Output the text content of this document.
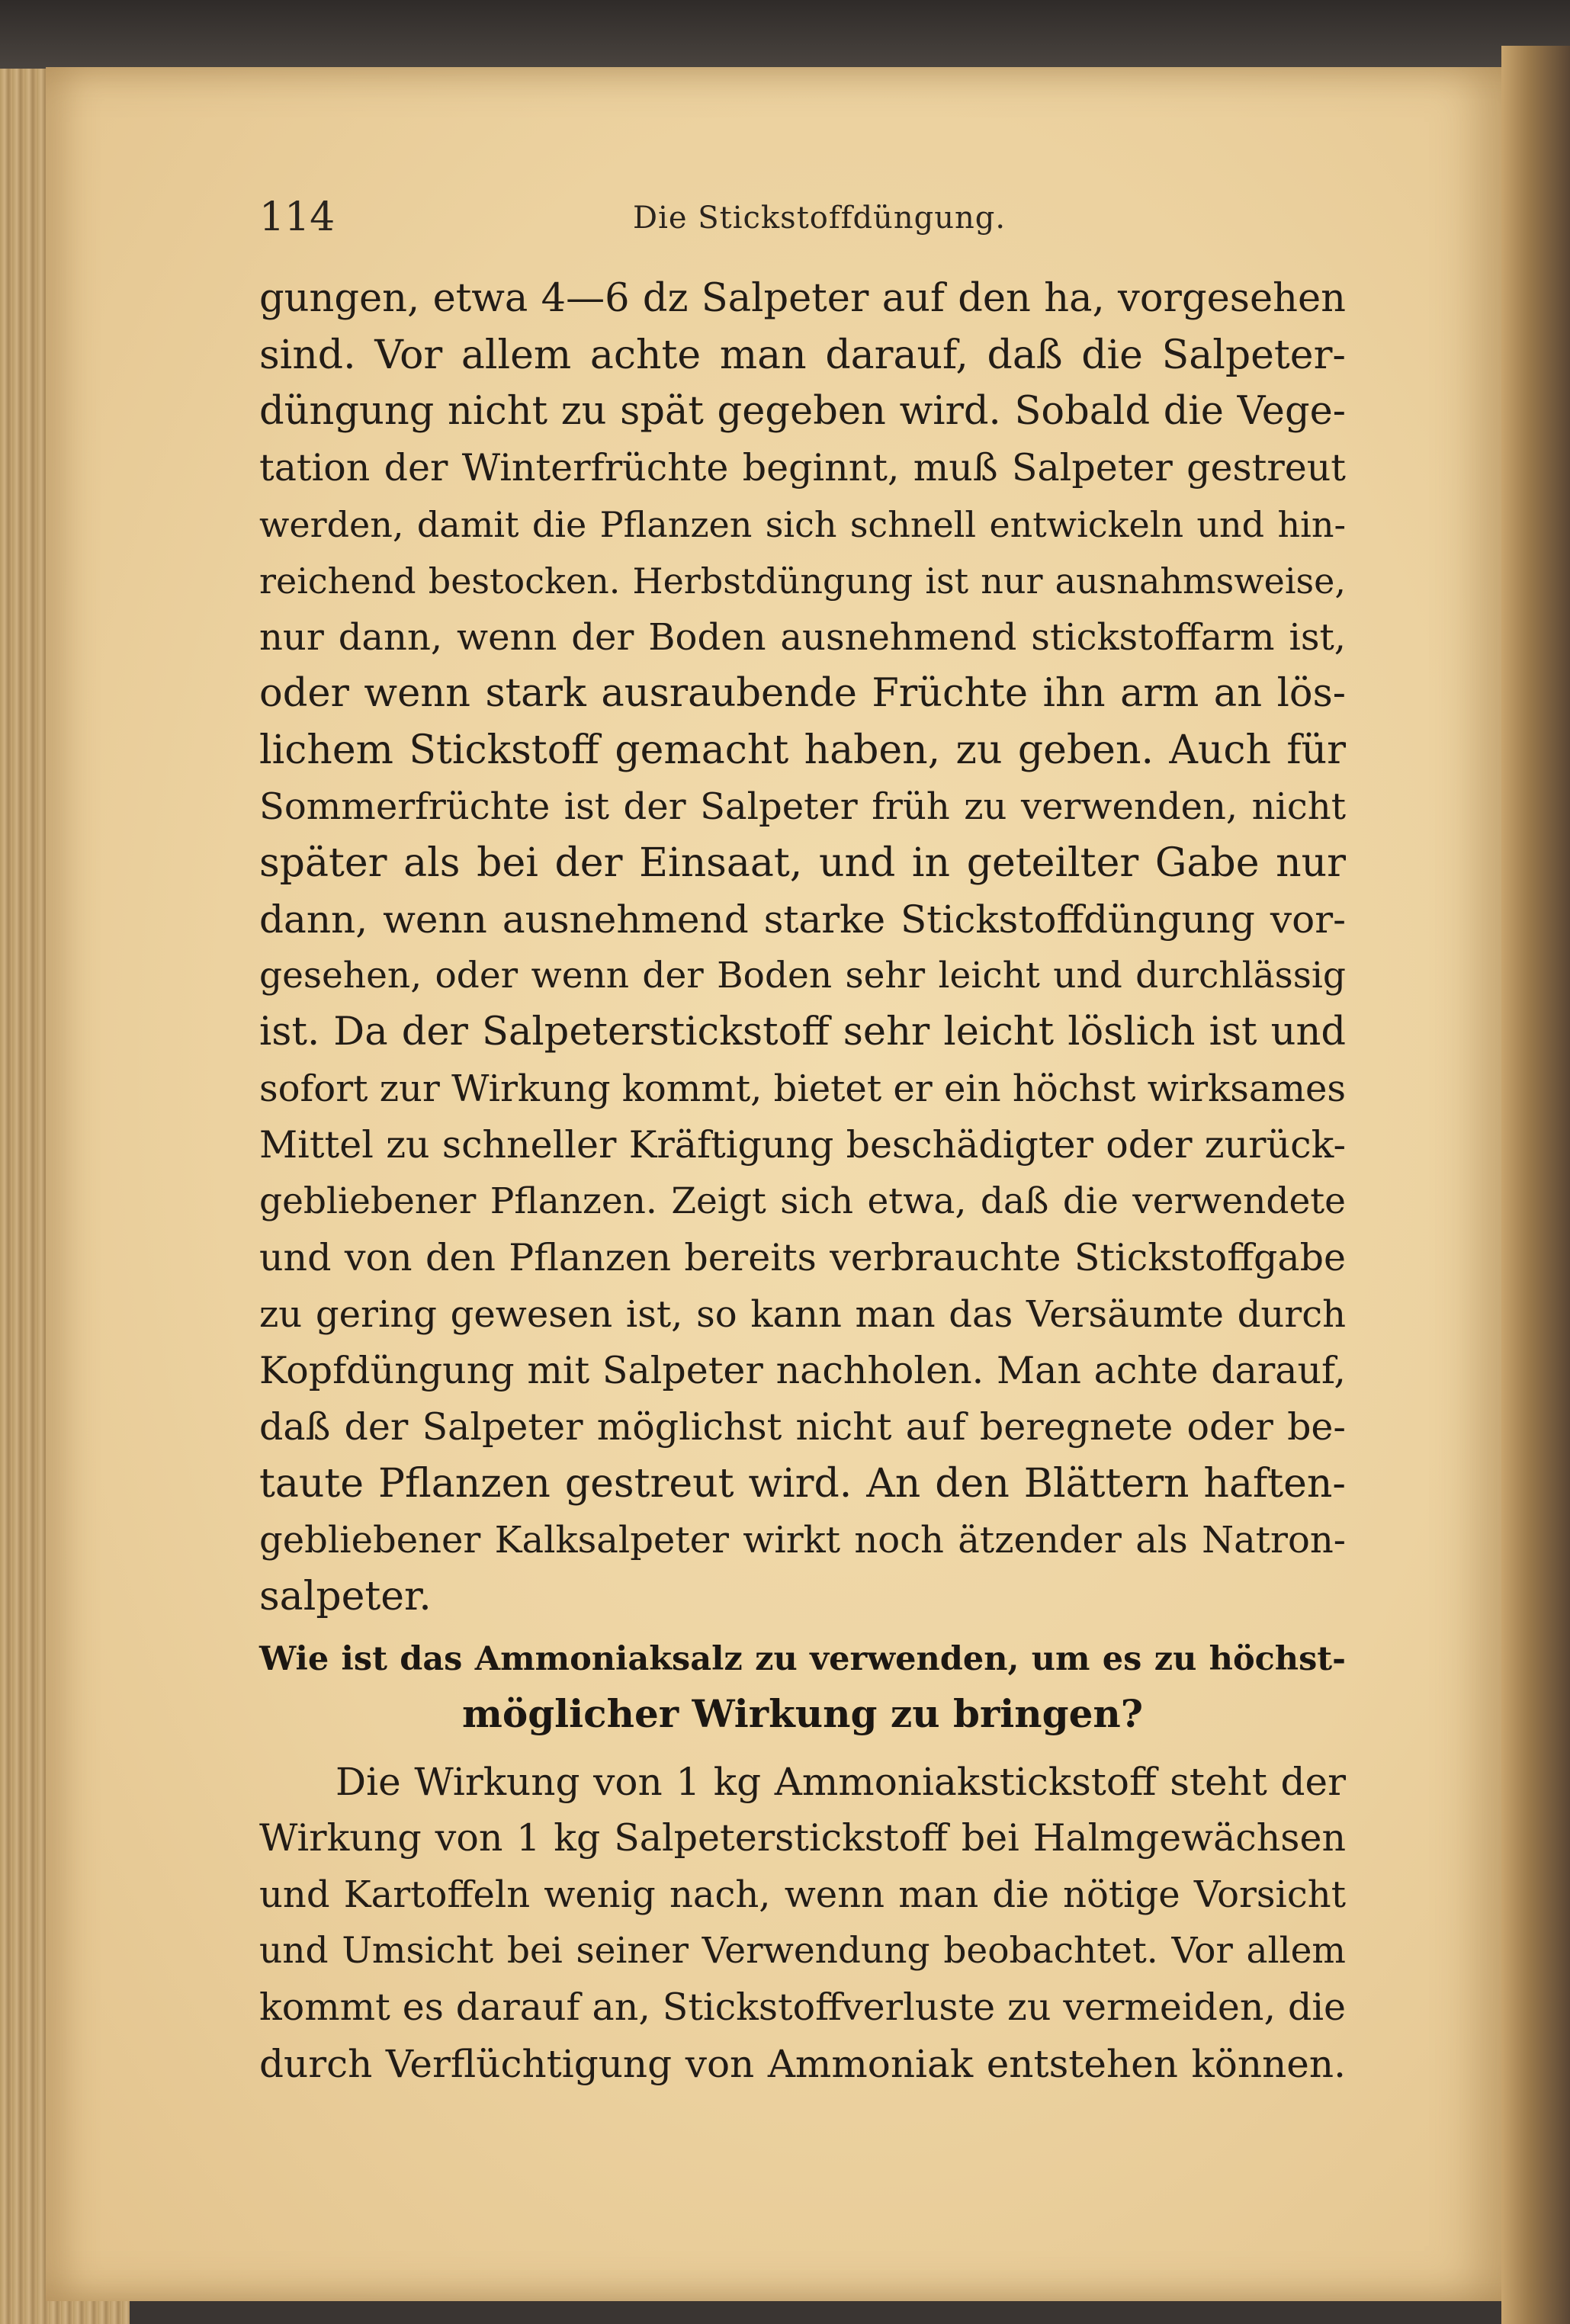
114	Die Stickstoffdüngung.
gungen, etwa 4—6 dz Salpeter auf den ha, vorgesehen
sind. Vor allem achte man darauf, daß die Salpeter-
düngung nicht zu spät gegeben wird. Sobald die Vege-
tation der Winterfrüchte beginnt, muß Salpeter gestreut
werden, damit die Pflanzen sich schnell entwickeln und hin-
reichend bestocken. Herbstdüngung ist nur ausnahmsweise,
nur dann, wenn der Boden ausnehmend stickstoffarm ist,
oder wenn stark ausraubende Früchte ihn arm an lös-
lichem Stickstoff gemacht haben, zu geben. Auch für
Sommerfrüchte ist der Salpeter früh zu verwenden, nicht
später als bei der Einsaat, und in geteilter Gabe nur
dann, wenn ausnehmend starke Stickstoffdüngung vor-
gesehen, oder wenn der Boden sehr leicht und durchlässig
ist. Da der Salpeterstickstoff sehr leicht löslich ist und
sofort zur Wirkung kommt, bietet er ein höchst wirksames
Mittel zu schneller Kräftigung beschädigter oder zurück-
gebliebener Pflanzen. Zeigt sich etwa, daß die verwendete
und von den Pflanzen bereits verbrauchte Stickstoffgabe
zu gering gewesen ist, so kann man das Versäumte durch
Kopfdüngung mit Salpeter nachholen. Man achte darauf,
daß der Salpeter möglichst nicht auf beregnete oder be-
taute Pflanzen gestreut wird. An den Blättern haften-
gebliebener Kalksalpeter wirkt noch ätzender als Natron-
salpeter.
Wie ist das Ammoniaksalz zu verwenden, um es zu höchst-
möglicher Wirkung zu bringen?
Die Wirkung von 1 kg Ammoniakstickstoff steht der
Wirkung von 1 kg Salpeterstickstoff bei Halmgewächsen
und Kartoffeln wenig nach, wenn man die nötige Vorsicht
und Umsicht bei seiner Verwendung beobachtet. Vor allem
kommt es darauf an, Stickstoffverluste zu vermeiden, die
durch Verflüchtigung von Ammoniak entstehen können.
